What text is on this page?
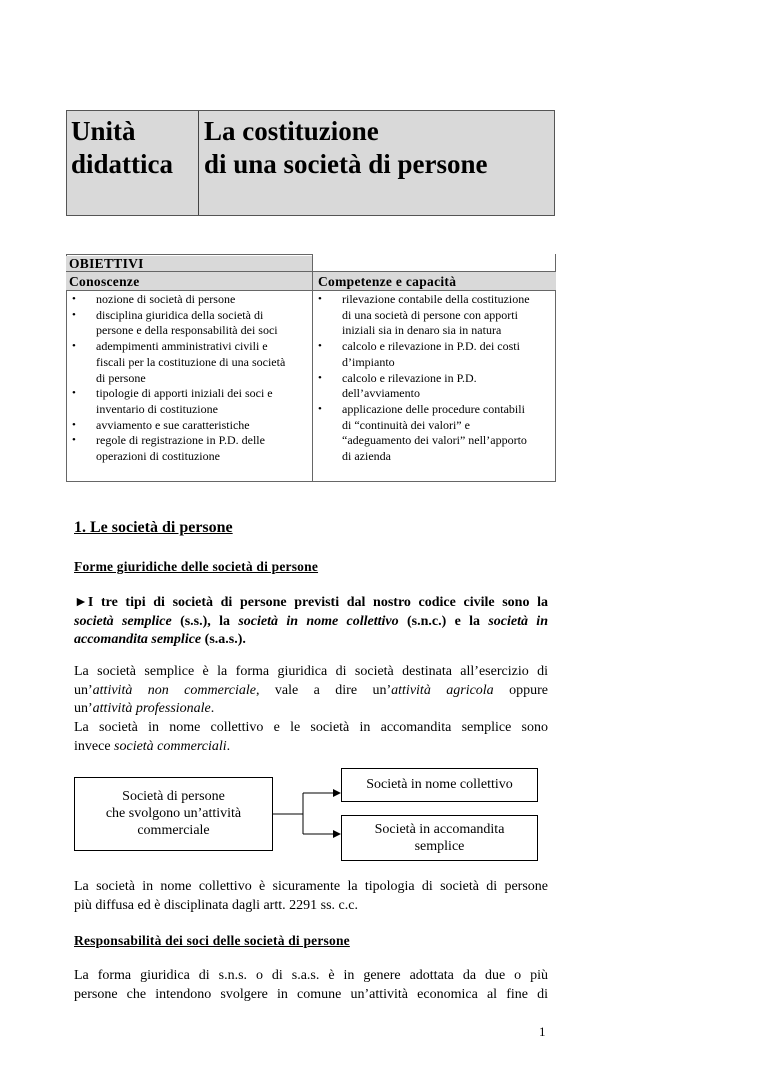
Unità
didattica
La costituzione
di una società di persone
OBIETTIVI
Conoscenze	Competenze e capacità
• nozione di società di persone
• disciplina giuridica della società di
persone e della responsabilità dei soci
• adempimenti amministrativi civili e
fiscali per la costituzione di una società
di persone
• tipologie di apporti iniziali dei soci e
inventario di costituzione
• avviamento e sue caratteristiche
• regole di registrazione in P.D. delle
operazioni di costituzione
• rilevazione contabile della costituzione
di una società di persone con apporti
iniziali sia in denaro sia in natura
• calcolo e rilevazione in P.D. dei costi
d’impianto
• calcolo e rilevazione in P.D.
dell’avviamento
• applicazione delle procedure contabili
di “continuità dei valori” e
“adeguamento dei valori” nell’apporto
di azienda
1. Le società di persone
Forme giuridiche delle società di persone
►I tre tipi di società di persone previsti dal nostro codice civile sono la
società semplice (s.s.), la società in nome collettivo (s.n.c.) e la società in
accomandita semplice (s.a.s.).
La società semplice è la forma giuridica di società destinata all’esercizio di
un’attività non commerciale, vale a dire un’attività agricola oppure
un’attività professionale.
La società in nome collettivo e le società in accomandita semplice sono
invece società commerciali.
Società di persone
che svolgono un’attività
commerciale
Società in nome collettivo
Società in accomandita
semplice
La società in nome collettivo è sicuramente la tipologia di società di persone
più diffusa ed è disciplinata dagli artt. 2291 ss. c.c.
Responsabilità dei soci delle società di persone
La forma giuridica di s.n.s. o di s.a.s. è in genere adottata da due o più
persone che intendono svolgere in comune un’attività economica al fine di
1
